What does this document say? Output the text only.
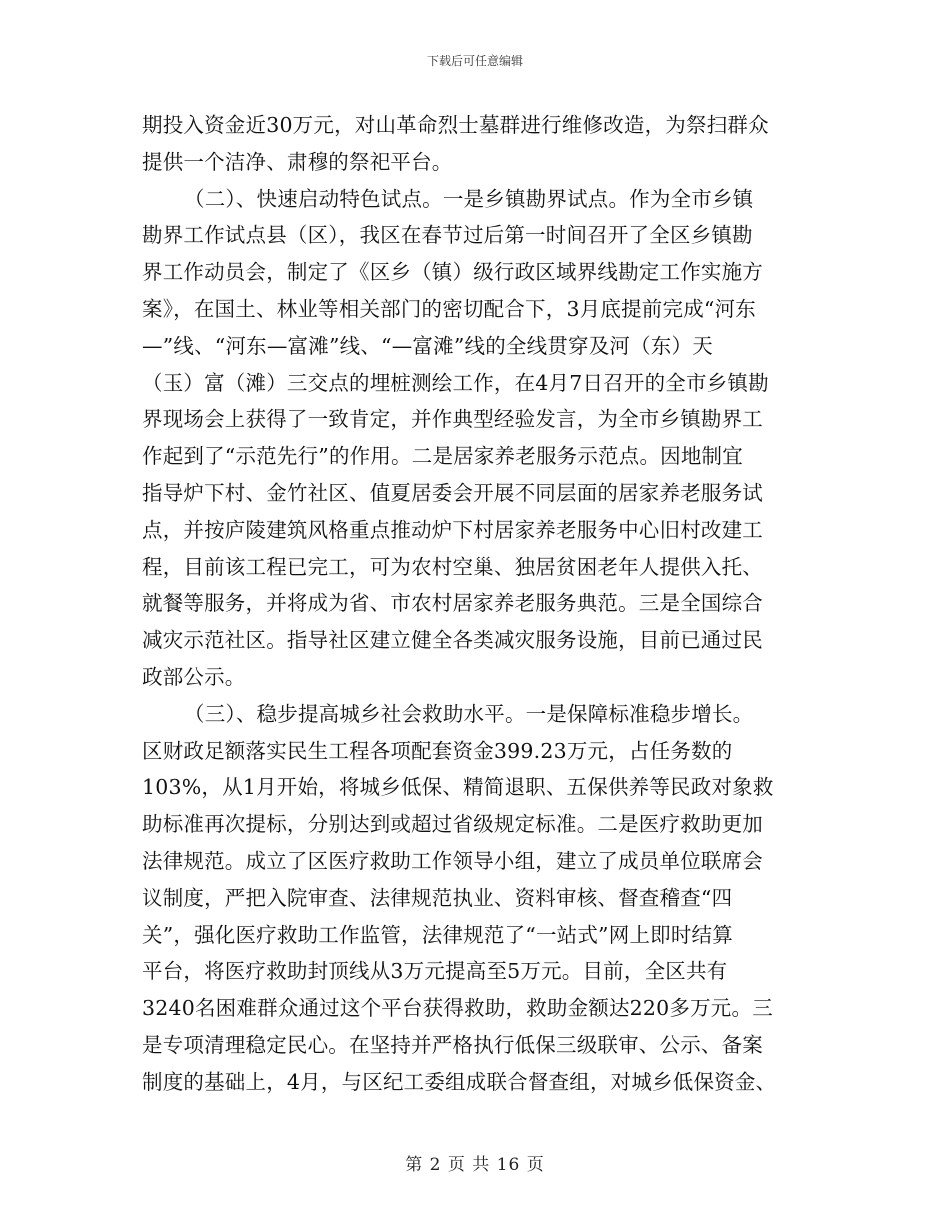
下载后可任意编辑
期投入资金近30万元，对山革命烈士墓群进行维修改造，为祭扫群众
提供一个洁净、肃穆的祭祀平台。
（二）、快速启动特色试点。一是乡镇勘界试点。作为全市乡镇
勘界工作试点县（区），我区在春节过后第一时间召开了全区乡镇勘
界工作动员会，制定了《区乡（镇）级行政区域界线勘定工作实施方
案》，在国土、林业等相关部门的密切配合下，3月底提前完成“河东
—”线、“河东—富滩”线、“—富滩”线的全线贯穿及河（东）天
（玉）富（滩）三交点的埋桩测绘工作，在4月7日召开的全市乡镇勘
界现场会上获得了一致肯定，并作典型经验发言，为全市乡镇勘界工
作起到了“示范先行”的作用。二是居家养老服务示范点。因地制宜
指导炉下村、金竹社区、值夏居委会开展不同层面的居家养老服务试
点，并按庐陵建筑风格重点推动炉下村居家养老服务中心旧村改建工
程，目前该工程已完工，可为农村空巢、独居贫困老年人提供入托、
就餐等服务，并将成为省、市农村居家养老服务典范。三是全国综合
减灾示范社区。指导社区建立健全各类减灾服务设施，目前已通过民
政部公示。
（三）、稳步提高城乡社会救助水平。一是保障标准稳步增长。
区财政足额落实民生工程各项配套资金399.23万元，占任务数的
103%，从1月开始，将城乡低保、精简退职、五保供养等民政对象救
助标准再次提标，分别达到或超过省级规定标准。二是医疗救助更加
法律规范。成立了区医疗救助工作领导小组，建立了成员单位联席会
议制度，严把入院审查、法律规范执业、资料审核、督查稽查“四
关”，强化医疗救助工作监管，法律规范了“一站式”网上即时结算
平台，将医疗救助封顶线从3万元提高至5万元。目前，全区共有
3240名困难群众通过这个平台获得救助，救助金额达220多万元。三
是专项清理稳定民心。在坚持并严格执行低保三级联审、公示、备案
制度的基础上，4月，与区纪工委组成联合督查组，对城乡低保资金、
第 2 页 共 16 页
